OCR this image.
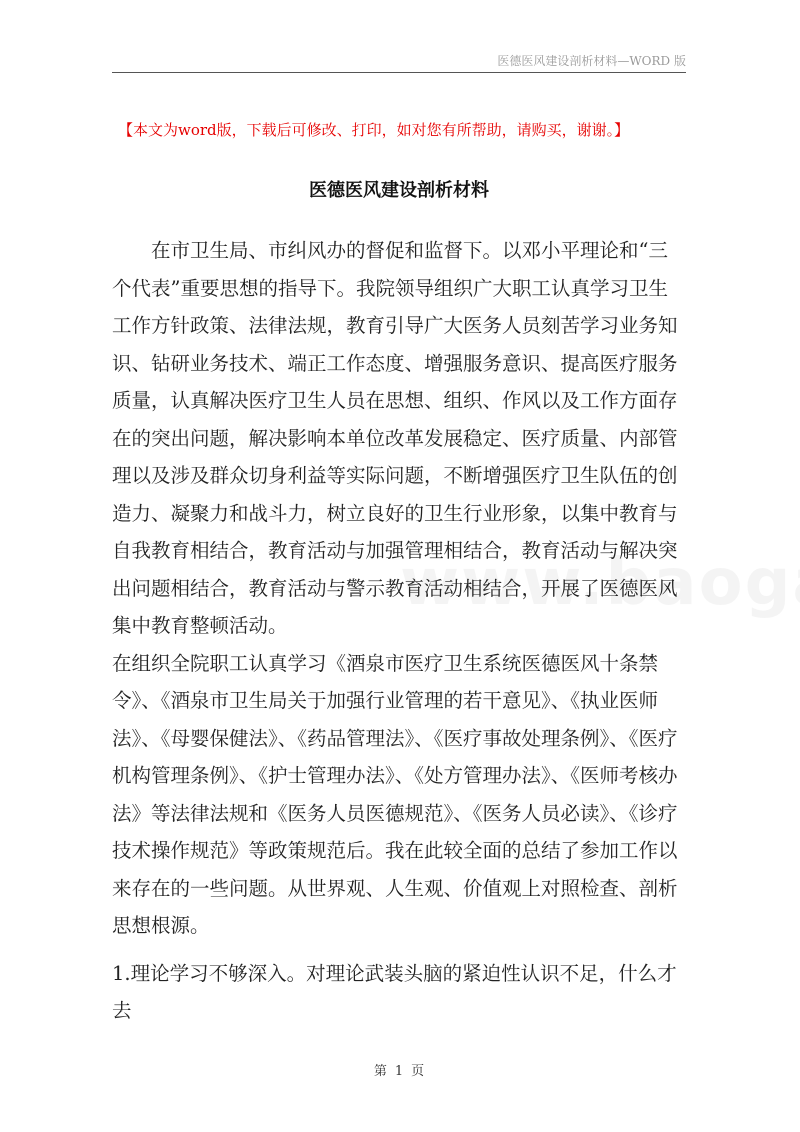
医德医风建设剖析材料—WORD 版
【本文为word版，下载后可修改、打印，如对您有所帮助，请购买，谢谢。】
医德医风建设剖析材料

在市卫生局、市纠风办的督促和监督下。以邓小平理论和“三个代表”重要思想的指导下。我院领导组织广大职工认真学习卫生工作方针政策、法律法规，教育引导广大医务人员刻苦学习业务知识、钻研业务技术、端正工作态度、增强服务意识、提高医疗服务质量，认真解决医疗卫生人员在思想、组织、作风以及工作方面存在的突出问题，解决影响本单位改革发展稳定、医疗质量、内部管理以及涉及群众切身利益等实际问题，不断增强医疗卫生队伍的创造力、凝聚力和战斗力，树立良好的卫生行业形象，以集中教育与自我教育相结合，教育活动与加强管理相结合，教育活动与解决突出问题相结合，教育活动与警示教育活动相结合，开展了医德医风集中教育整顿活动。

在组织全院职工认真学习《酒泉市医疗卫生系统医德医风十条禁令》、《酒泉市卫生局关于加强行业管理的若干意见》、《执业医师法》、《母婴保健法》、《药品管理法》、《医疗事故处理条例》、《医疗机构管理条例》、《护士管理办法》、《处方管理办法》、《医师考核办法》等法律法规和《医务人员医德规范》、《医务人员必读》、《诊疗技术操作规范》等政策规范后。我在此较全面的总结了参加工作以来存在的一些问题。从世界观、人生观、价值观上对照检查、剖析思想根源。

1.理论学习不够深入。对理论武装头脑的紧迫性认识不足，什么才去

第 1 页
